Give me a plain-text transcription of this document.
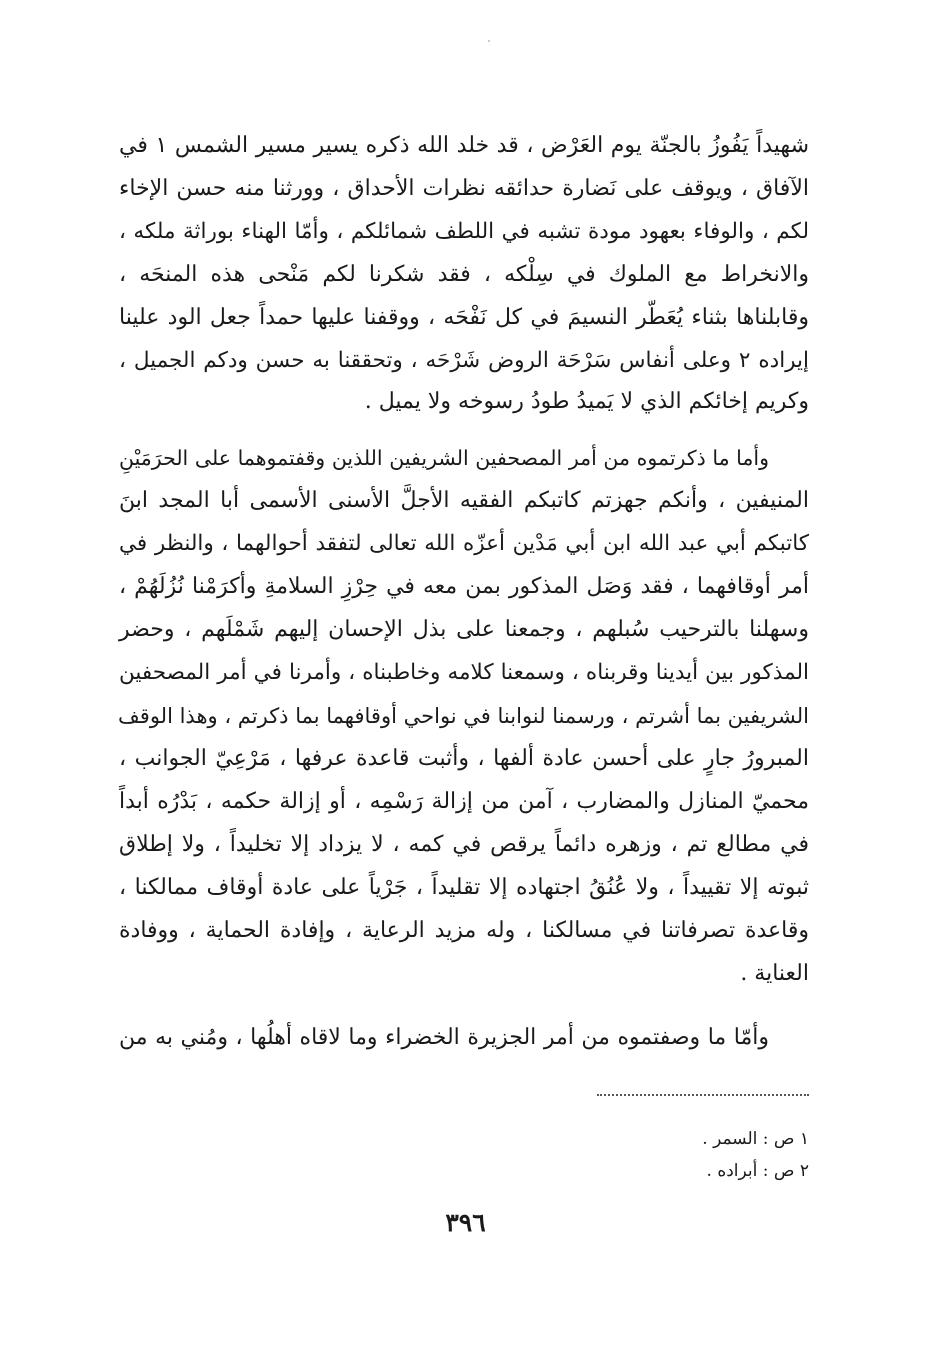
شهيداً يَفُوزُ بالجنّة يوم العَرْض ، قد خلد الله ذكره يسير مسير الشمس ١ في
الآفاق ، ويوقف على نَضارة حدائقه نظرات الأحداق ، وورثنا منه حسن الإخاء
لكم ، والوفاء بعهود مودة تشبه في اللطف شمائلكم ، وأمّا الهناء بوراثة ملكه ،
والانخراط مع الملوك في سِلْكه ، فقد شكرنا لكم مَنْحى هذه المنحَه ،
وقابلناها بثناء يُعَطّر النسيمَ في كل نَفْحَه ، ووقفنا عليها حمداً جعل الود علينا
إيراده ٢ وعلى أنفاس سَرْحَة الروض شَرْحَه ، وتحققنا به حسن ودكم الجميل ،
وكريم إخائكم الذي لا يَميدُ طودُ رسوخه ولا يميل .
وأما ما ذكرتموه من أمر المصحفين الشريفين اللذين وقفتموهما على الحرَمَيْنِ
المنيفين ، وأنكم جهزتم كاتبكم الفقيه الأجلَّ الأسنى الأسمى أبا المجد ابنَ
كاتبكم أبي عبد الله ابن أبي مَدْين أعزّه الله تعالى لتفقد أحوالهما ، والنظر في
أمر أوقافهما ، فقد وَصَل المذكور بمن معه في حِرْزِ السلامةِ وأكرَمْنا نُزُلَهُمْ ،
وسهلنا بالترحيب سُبلهم ، وجمعنا على بذل الإحسان إليهم شَمْلَهم ، وحضر
المذكور بين أيدينا وقربناه ، وسمعنا كلامه وخاطبناه ، وأمرنا في أمر المصحفين
الشريفين بما أشرتم ، ورسمنا لنوابنا في نواحي أوقافهما بما ذكرتم ، وهذا الوقف
المبرورُ جارٍ على أحسن عادة ألفها ، وأثبت قاعدة عرفها ، مَرْعِيّ الجوانب ،
محميّ المنازل والمضارب ، آمن من إزالة رَسْمِه ، أو إزالة حكمه ، بَدْرُه أبداً
في مطالع تم ، وزهره دائماً يرقص في كمه ، لا يزداد إلا تخليداً ، ولا إطلاق
ثبوته إلا تقييداً ، ولا عُنُقُ اجتهاده إلا تقليداً ، جَرْياً على عادة أوقاف ممالكنا ،
وقاعدة تصرفاتنا في مسالكنا ، وله مزيد الرعاية ، وإفادة الحماية ، ووفادة
العناية .
وأمّا ما وصفتموه من أمر الجزيرة الخضراء وما لاقاه أهلُها ، ومُني به من
١ ص : السمر .
٢ ص : أبراده .
٣٩٦
